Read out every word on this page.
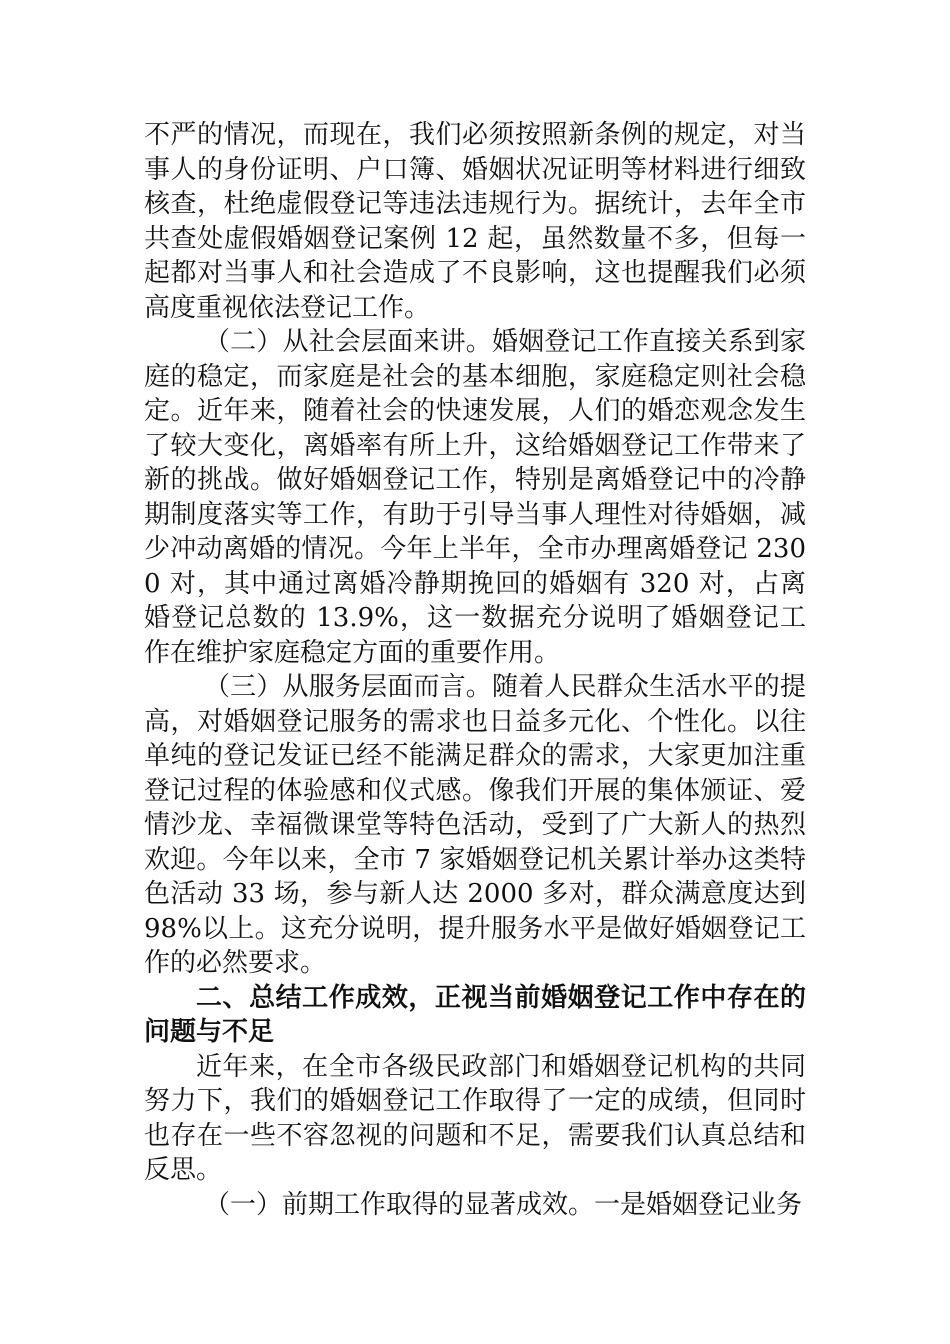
不严的情况，而现在，我们必须按照新条例的规定，对当事人的身份证明、户口簿、婚姻状况证明等材料进行细致核查，杜绝虚假登记等违法违规行为。据统计，去年全市共查处虚假婚姻登记案例 12 起，虽然数量不多，但每一起都对当事人和社会造成了不良影响，这也提醒我们必须高度重视依法登记工作。

（二）从社会层面来讲。婚姻登记工作直接关系到家庭的稳定，而家庭是社会的基本细胞，家庭稳定则社会稳定。近年来，随着社会的快速发展，人们的婚恋观念发生了较大变化，离婚率有所上升，这给婚姻登记工作带来了新的挑战。做好婚姻登记工作，特别是离婚登记中的冷静期制度落实等工作，有助于引导当事人理性对待婚姻，减少冲动离婚的情况。今年上半年，全市办理离婚登记 2300 对，其中通过离婚冷静期挽回的婚姻有 320 对，占离婚登记总数的 13.9%，这一数据充分说明了婚姻登记工作在维护家庭稳定方面的重要作用。

（三）从服务层面而言。随着人民群众生活水平的提高，对婚姻登记服务的需求也日益多元化、个性化。以往单纯的登记发证已经不能满足群众的需求，大家更加注重登记过程的体验感和仪式感。像我们开展的集体颁证、爱情沙龙、幸福微课堂等特色活动，受到了广大新人的热烈欢迎。今年以来，全市 7 家婚姻登记机关累计举办这类特色活动 33 场，参与新人达 2000 多对，群众满意度达到 98%以上。这充分说明，提升服务水平是做好婚姻登记工作的必然要求。

二、总结工作成效，正视当前婚姻登记工作中存在的问题与不足

近年来，在全市各级民政部门和婚姻登记机构的共同努力下，我们的婚姻登记工作取得了一定的成绩，但同时也存在一些不容忽视的问题和不足，需要我们认真总结和反思。

（一）前期工作取得的显著成效。一是婚姻登记业务
